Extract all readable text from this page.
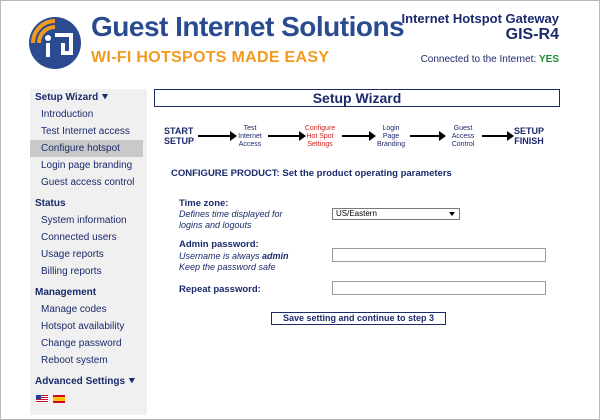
Guest Internet Solutions
WI-FI HOTSPOTS MADE EASY
Internet Hotspot Gateway
GIS-R4
Connected to the Internet: YES
Setup Wizard ⯆
Introduction
Test Internet access
Configure hotspot
Login page branding
Guest access control
Status
System information
Connected users
Usage reports
Billing reports
Management
Manage codes
Hotspot availability
Change password
Reboot system
Advanced Settings ⯆
Setup Wizard
START
SETUP
Test
Internet
Access
Configure
Hot Spot
Settings
Login
Page
Branding
Guest
Access
Control
SETUP
FINISH
CONFIGURE PRODUCT: Set the product operating parameters
Time zone:
Defines time displayed for
logins and logouts
US/Eastern
Admin password:
Username is always admin
Keep the password safe
Repeat password:
Save setting and continue to step 3
